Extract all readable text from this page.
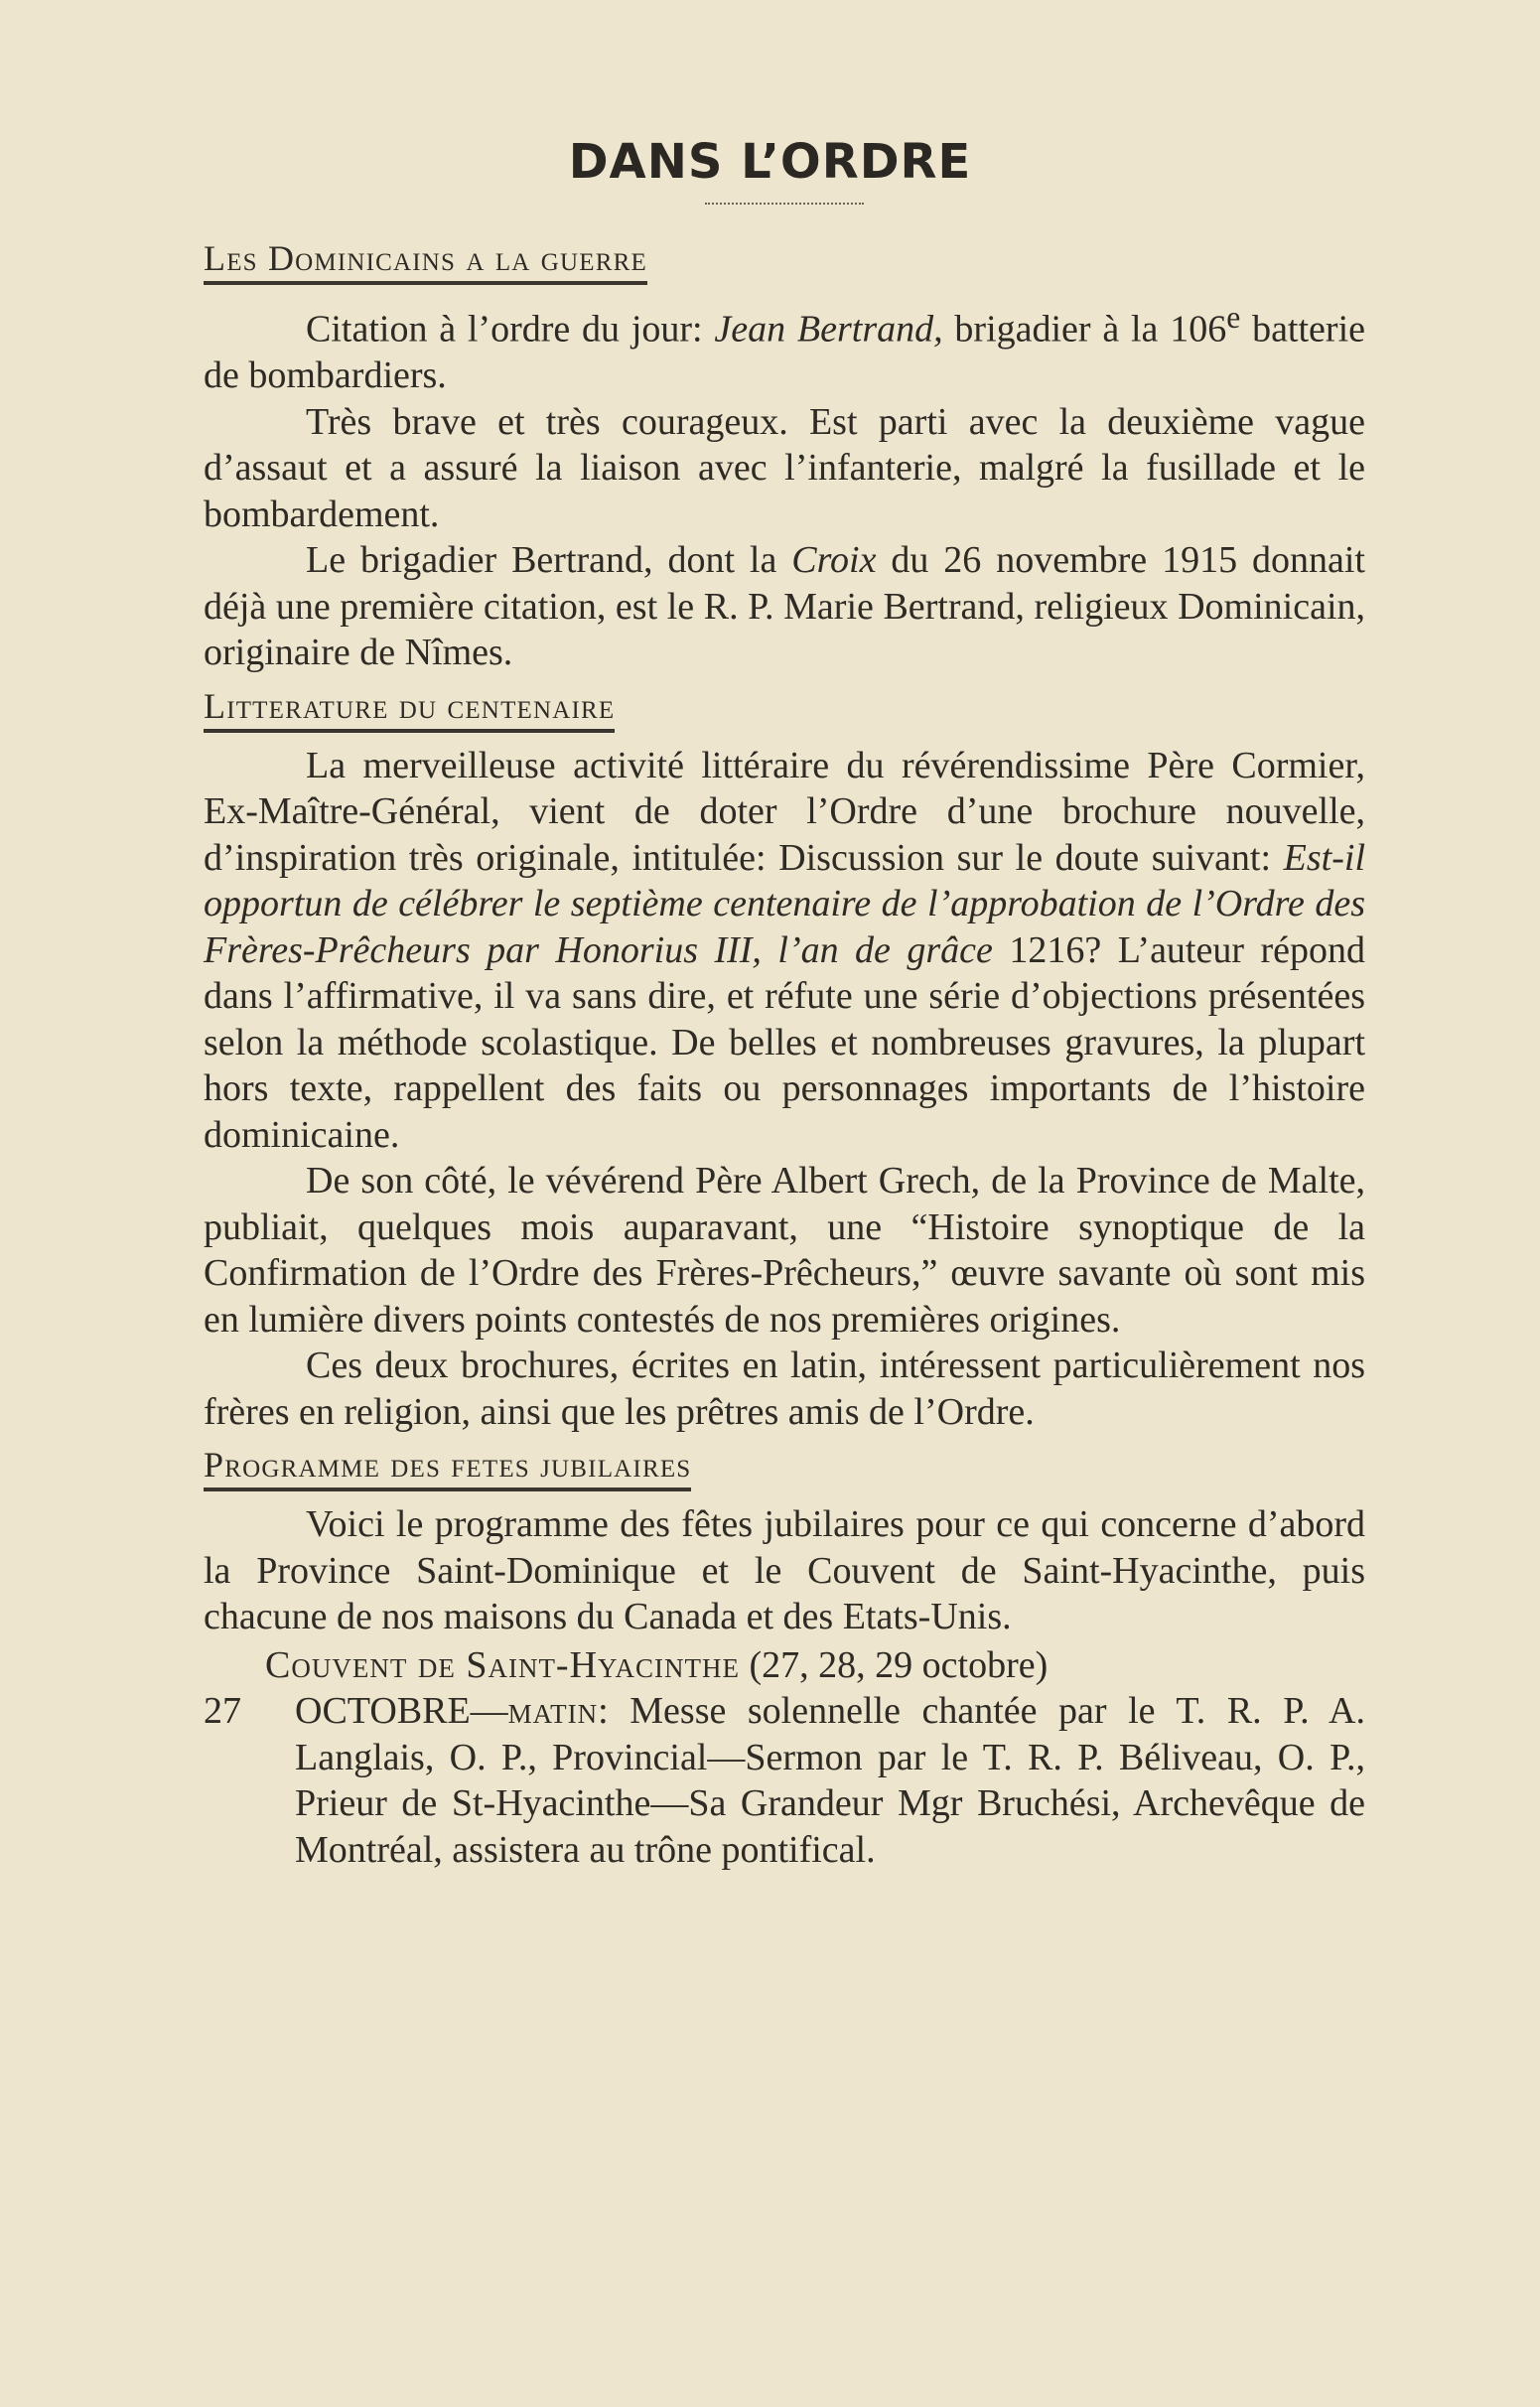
DANS L’ORDRE
Les Dominicains a la guerre

Citation à l’ordre du jour: Jean Bertrand, brigadier à la 106e batterie de bombardiers.

Très brave et très courageux. Est parti avec la deuxième vague d’assaut et a assuré la liaison avec l’infanterie, malgré la fusillade et le bombardement.

Le brigadier Bertrand, dont la Croix du 26 novembre 1915 donnait déjà une première citation, est le R. P. Marie Bertrand, religieux Dominicain, originaire de Nîmes.

Litterature du centenaire

La merveilleuse activité littéraire du révérendissime Père Cormier, Ex-Maître-Général, vient de doter l’Ordre d’une brochure nouvelle, d’inspiration très originale, intitulée: Discussion sur le doute suivant: Est-il opportun de célébrer le septième centenaire de l’approbation de l’Ordre des Frères-Prêcheurs par Honorius III, l’an de grâce 1216? L’auteur répond dans l’affirmative, il va sans dire, et réfute une série d’objections présentées selon la méthode scolastique. De belles et nombreuses gravures, la plupart hors texte, rappellent des faits ou personnages importants de l’histoire dominicaine.

De son côté, le vévérend Père Albert Grech, de la Province de Malte, publiait, quelques mois auparavant, une “Histoire synoptique de la Confirmation de l’Ordre des Frères-Prêcheurs,” œuvre savante où sont mis en lumière divers points contestés de nos premières origines.

Ces deux brochures, écrites en latin, intéressent particulièrement nos frères en religion, ainsi que les prêtres amis de l’Ordre.

Programme des fetes jubilaires

Voici le programme des fêtes jubilaires pour ce qui concerne d’abord la Province Saint-Dominique et le Couvent de Saint-Hyacinthe, puis chacune de nos maisons du Canada et des Etats-Unis.

Couvent de Saint-Hyacinthe (27, 28, 29 octobre)

27 OCTOBRE—matin: Messe solennelle chantée par le T. R. P. A. Langlais, O. P., Provincial—Sermon par le T. R. P. Béliveau, O. P., Prieur de St-Hyacinthe—Sa Grandeur Mgr Bruchési, Archevêque de Montréal, assistera au trône pontifical.
